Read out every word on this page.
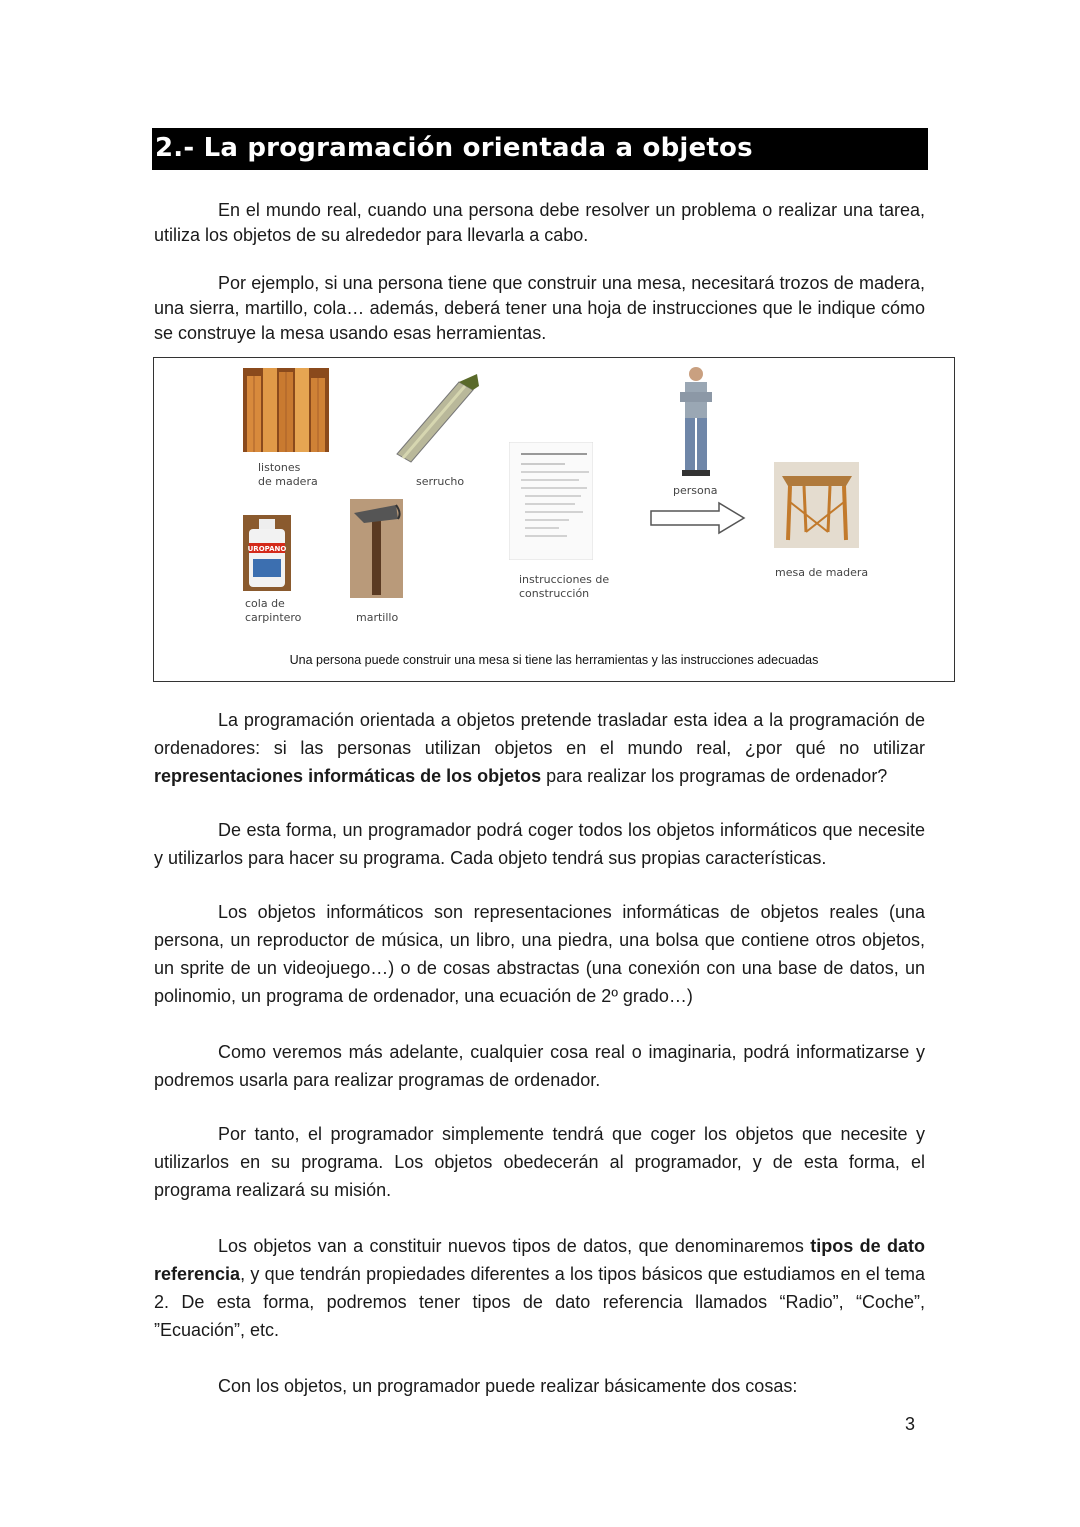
2.- La programación orientada a objetos

En el mundo real, cuando una persona debe resolver un problema o realizar una tarea, utiliza los objetos de su alrededor para llevarla a cabo.

Por ejemplo, si una persona tiene que construir una mesa, necesitará trozos de madera, una sierra, martillo, cola… además, deberá tener una hoja de instrucciones que le indique cómo se construye la mesa usando esas herramientas.

listones
de madera	serrucho
persona
mesa de madera
instrucciones de
construcción
UROPANO
cola de
carpintero	martillo
Una persona puede construir una mesa si tiene las herramientas y las instrucciones adecuadas

La programación orientada a objetos pretende trasladar esta idea a la programación de ordenadores: si las personas utilizan objetos en el mundo real, ¿por qué no utilizar representaciones informáticas de los objetos para realizar los programas de ordenador?

De esta forma, un programador podrá coger todos los objetos informáticos que necesite y utilizarlos para hacer su programa. Cada objeto tendrá sus propias características.

Los objetos informáticos son representaciones informáticas de objetos reales (una persona, un reproductor de música, un libro, una piedra, una bolsa que contiene otros objetos, un sprite de un videojuego…) o de cosas abstractas (una conexión con una base de datos, un polinomio, un programa de ordenador, una ecuación de 2º grado…)

Como veremos más adelante, cualquier cosa real o imaginaria, podrá informatizarse y podremos usarla para realizar programas de ordenador.

Por tanto, el programador simplemente tendrá que coger los objetos que necesite y utilizarlos en su programa. Los objetos obedecerán al programador, y de esta forma, el programa realizará su misión.

Los objetos van a constituir nuevos tipos de datos, que denominaremos tipos de dato referencia, y que tendrán propiedades diferentes a los tipos básicos que estudiamos en el tema 2. De esta forma, podremos tener tipos de dato referencia llamados “Radio”, “Coche”, ”Ecuación”, etc.

Con los objetos, un programador puede realizar básicamente dos cosas:

3
